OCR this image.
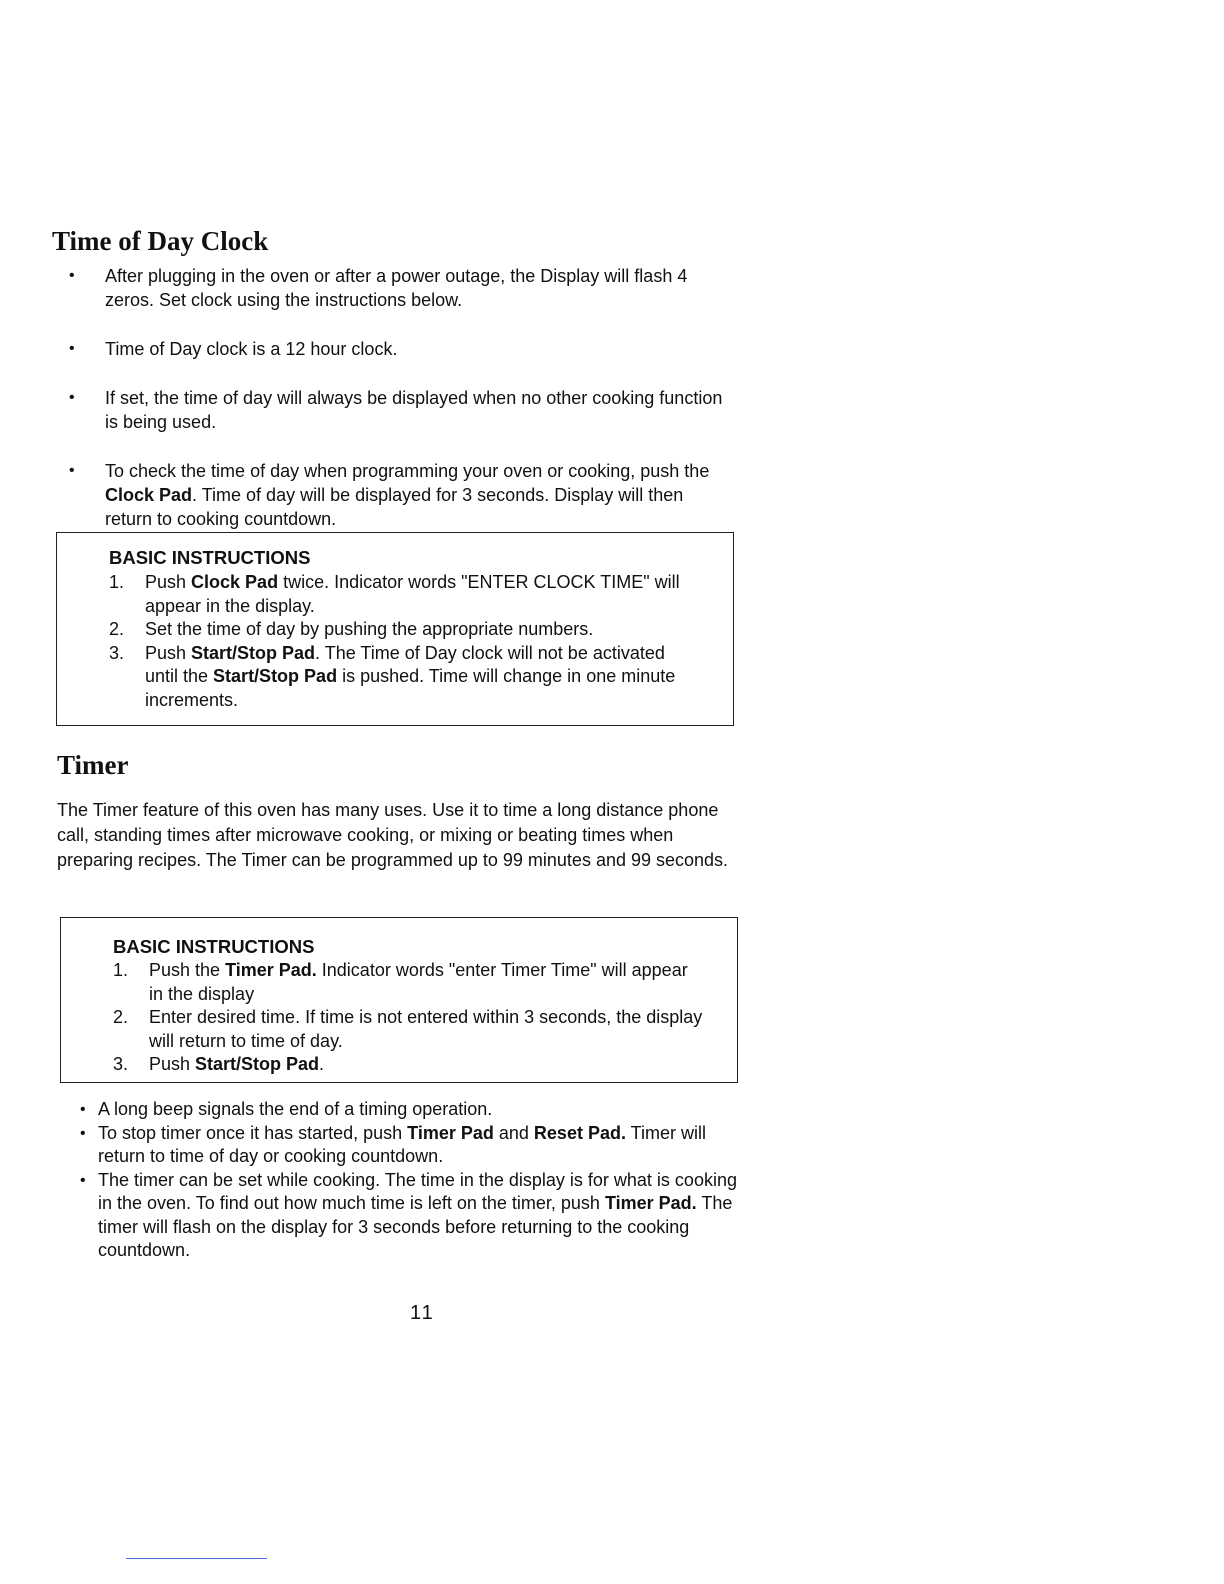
Time of Day Clock
• After plugging in the oven or after a power outage, the Display will flash 4 zeros. Set clock using the instructions below.
• Time of Day clock is a 12 hour clock.
• If set, the time of day will always be displayed when no other cooking function is being used.
• To check the time of day when programming your oven or cooking, push the Clock Pad. Time of day will be displayed for 3 seconds. Display will then return to cooking countdown.
BASIC INSTRUCTIONS
1. Push Clock Pad twice. Indicator words "ENTER CLOCK TIME" will appear in the display.
2. Set the time of day by pushing the appropriate numbers.
3. Push Start/Stop Pad. The Time of Day clock will not be activated until the Start/Stop Pad is pushed. Time will change in one minute increments.
Timer

The Timer feature of this oven has many uses. Use it to time a long distance phone call, standing times after microwave cooking, or mixing or beating times when preparing recipes. The Timer can be programmed up to 99 minutes and 99 seconds.

BASIC INSTRUCTIONS
1. Push the Timer Pad. Indicator words "enter Timer Time" will appear in the display
2. Enter desired time. If time is not entered within 3 seconds, the display will return to time of day.
3. Push Start/Stop Pad.
• A long beep signals the end of a timing operation.
• To stop timer once it has started, push Timer Pad and Reset Pad. Timer will return to time of day or cooking countdown.
• The timer can be set while cooking. The time in the display is for what is cooking in the oven. To find out how much time is left on the timer, push Timer Pad. The timer will flash on the display for 3 seconds before returning to the cooking countdown.
11
